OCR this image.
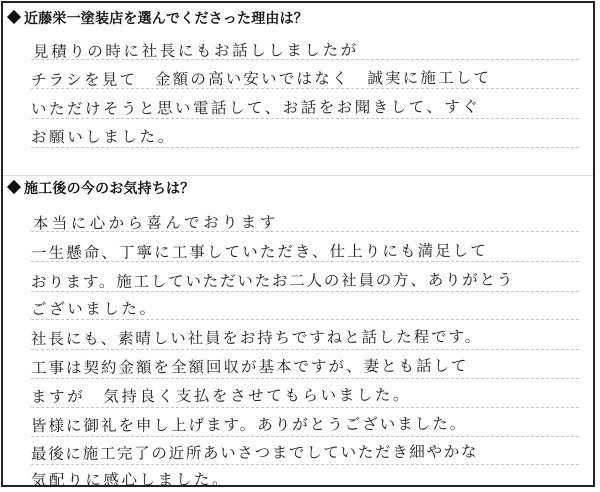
近藤栄一塗装店を選んでくださった理由は？
見積りの時に社長にもお話ししましたが
チラシを見て　金額の高い安いではなく　誠実に施工して
いただけそうと思い電話して、お話をお聞きして、すぐ
お願いしました。
施工後の今のお気持ちは？
本当に心から喜んでおります
一生懸命、丁寧に工事していただき、仕上りにも満足して
おります。施工していただいたお二人の社員の方、ありがとう
ございました。
社長にも、素晴しい社員をお持ちですねと話した程です。
工事は契約金額を全額回収が基本ですが、妻とも話して
ますが　気持良く支払をさせてもらいました。
皆様に御礼を申し上げます。ありがとうございました。
最後に施工完了の近所あいさつまでしていただき細やかな
気配りに感心しました。
